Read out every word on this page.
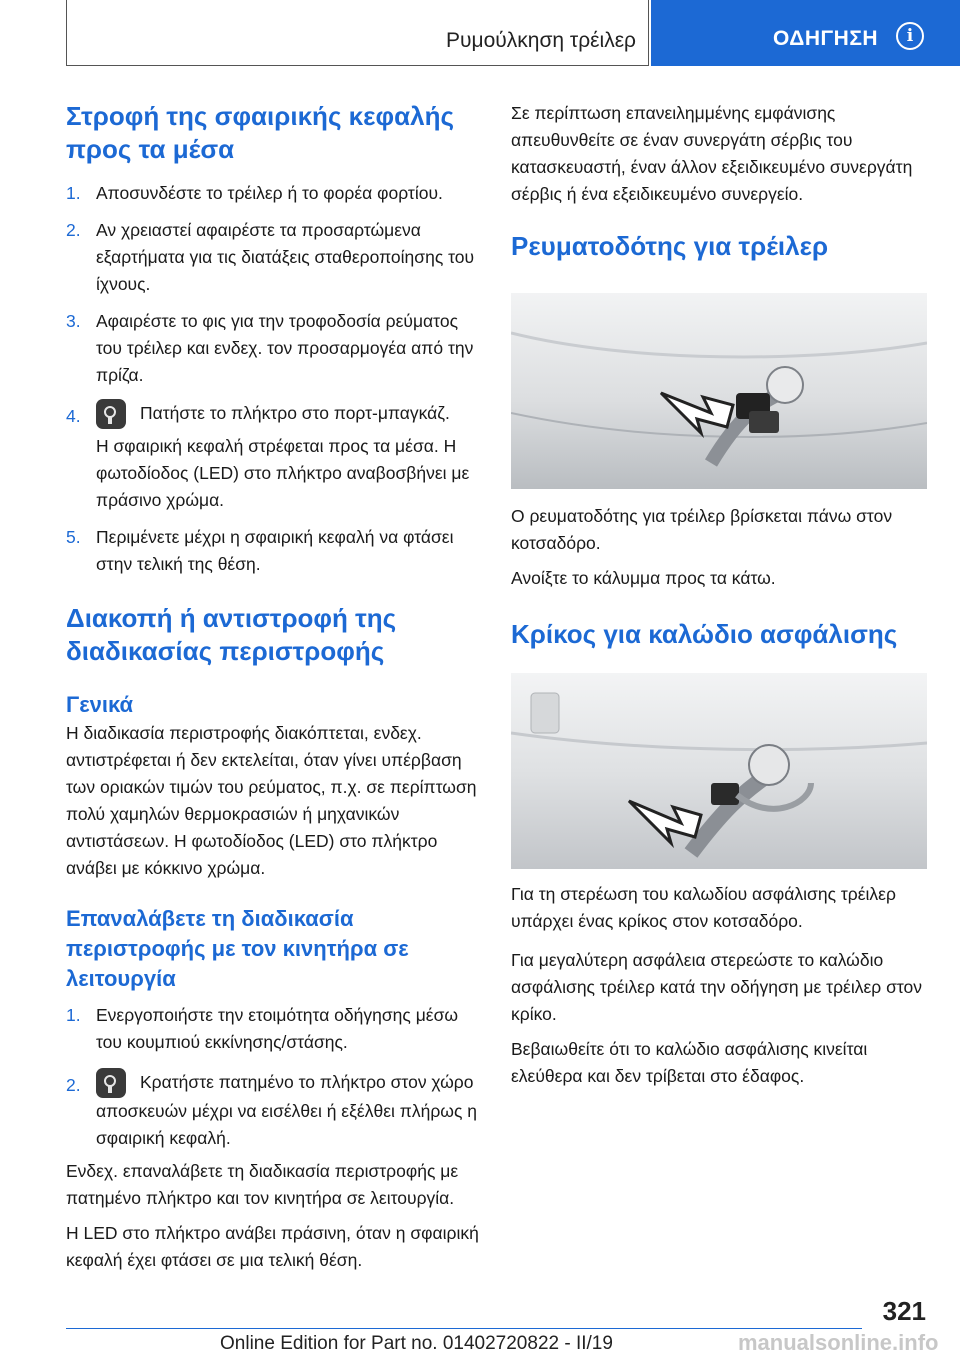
Ρυμούλκηση τρέιλερ	ΟΔΗΓΗΣΗ	i
Στροφή της σφαιρικής κεφαλής προς τα μέσα
1. Αποσυνδέστε το τρέιλερ ή το φορέα φορτίου.
2. Αν χρειαστεί αφαιρέστε τα προσαρτώμενα εξαρτήματα για τις διατάξεις σταθεροποίησης του ίχνους.
3. Αφαιρέστε το φις για την τροφοδοσία ρεύματος του τρέιλερ και ενδεχ. τον προσαρμογέα από την πρίζα.
4.	Πατήστε το πλήκτρο στο πορτ-μπαγκάζ.
Η σφαιρική κεφαλή στρέφεται προς τα μέσα. Η φωτοδίοδος (LED) στο πλήκτρο αναβοσβήνει με πράσινο χρώμα.
5. Περιμένετε μέχρι η σφαιρική κεφαλή να φτάσει στην τελική της θέση.
Διακοπή ή αντιστροφή της διαδικασίας περιστροφής
Γενικά

Η διαδικασία περιστροφής διακόπτεται, ενδεχ. αντιστρέφεται ή δεν εκτελείται, όταν γίνει υπέρβαση των οριακών τιμών του ρεύματος, π.χ. σε περίπτωση πολύ χαμηλών θερμοκρασιών ή μηχανικών αντιστάσεων. Η φωτοδίοδος (LED) στο πλήκτρο ανάβει με κόκκινο χρώμα.

Επαναλάβετε τη διαδικασία περιστροφής με τον κινητήρα σε λειτουργία
1. Ενεργοποιήστε την ετοιμότητα οδήγησης μέσω του κουμπιού εκκίνησης/στάσης.
2.	Κρατήστε πατημένο το πλήκτρο στον χώρο αποσκευών μέχρι να εισέλθει ή εξέλθει πλήρως η σφαιρική κεφαλή.

Ενδεχ. επαναλάβετε τη διαδικασία περιστροφής με πατημένο πλήκτρο και τον κινητήρα σε λειτουργία.

Η LED στο πλήκτρο ανάβει πράσινη, όταν η σφαιρική κεφαλή έχει φτάσει σε μια τελική θέση.

Σε περίπτωση επανειλημμένης εμφάνισης απευθυνθείτε σε έναν συνεργάτη σέρβις του κατασκευαστή, έναν άλλον εξειδικευμένο συνεργάτη σέρβις ή ένα εξειδικευμένο συνεργείο.

Ρευματοδότης για τρέιλερ

Ο ρευματοδότης για τρέιλερ βρίσκεται πάνω στον κοτσαδόρο.

Ανοίξτε το κάλυμμα προς τα κάτω.

Κρίκος για καλώδιο ασφάλισης

Για τη στερέωση του καλωδίου ασφάλισης τρέιλερ υπάρχει ένας κρίκος στον κοτσαδόρο.

Για μεγαλύτερη ασφάλεια στερεώστε το καλώδιο ασφάλισης τρέιλερ κατά την οδήγηση με τρέιλερ στον κρίκο.

Βεβαιωθείτε ότι το καλώδιο ασφάλισης κινείται ελεύθερα και δεν τρίβεται στο έδαφος.

321
Online Edition for Part no. 01402720822 - II/19	manualsonline.info
